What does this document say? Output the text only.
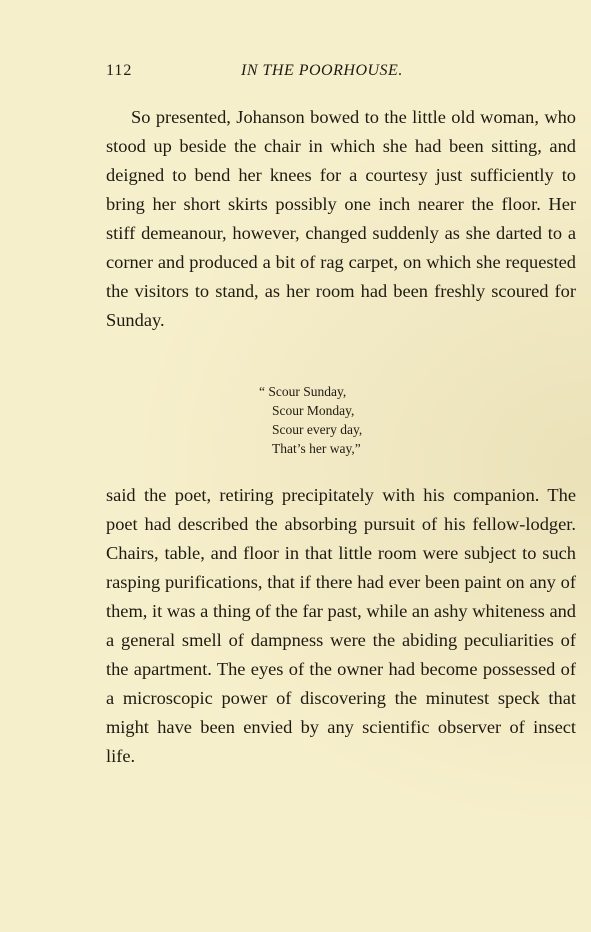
112	IN THE POORHOUSE.

So presented, Johanson bowed to the little old woman, who stood up beside the chair in which she had been sitting, and deigned to bend her knees for a courtesy just sufficiently to bring her short skirts possibly one inch nearer the floor. Her stiff demeanour, however, changed suddenly as she darted to a corner and produced a bit of rag carpet, on which she requested the visitors to stand, as her room had been freshly scoured for Sunday.

“ Scour Sunday,
Scour Monday,
Scour every day,
That’s her way,”

said the poet, retiring precipitately with his companion. The poet had described the absorbing pursuit of his fellow-lodger. Chairs, table, and floor in that little room were subject to such rasping purifications, that if there had ever been paint on any of them, it was a thing of the far past, while an ashy whiteness and a general smell of dampness were the abiding peculiarities of the apartment. The eyes of the owner had become possessed of a microscopic power of discovering the minutest speck that might have been envied by any scientific observer of insect life.
